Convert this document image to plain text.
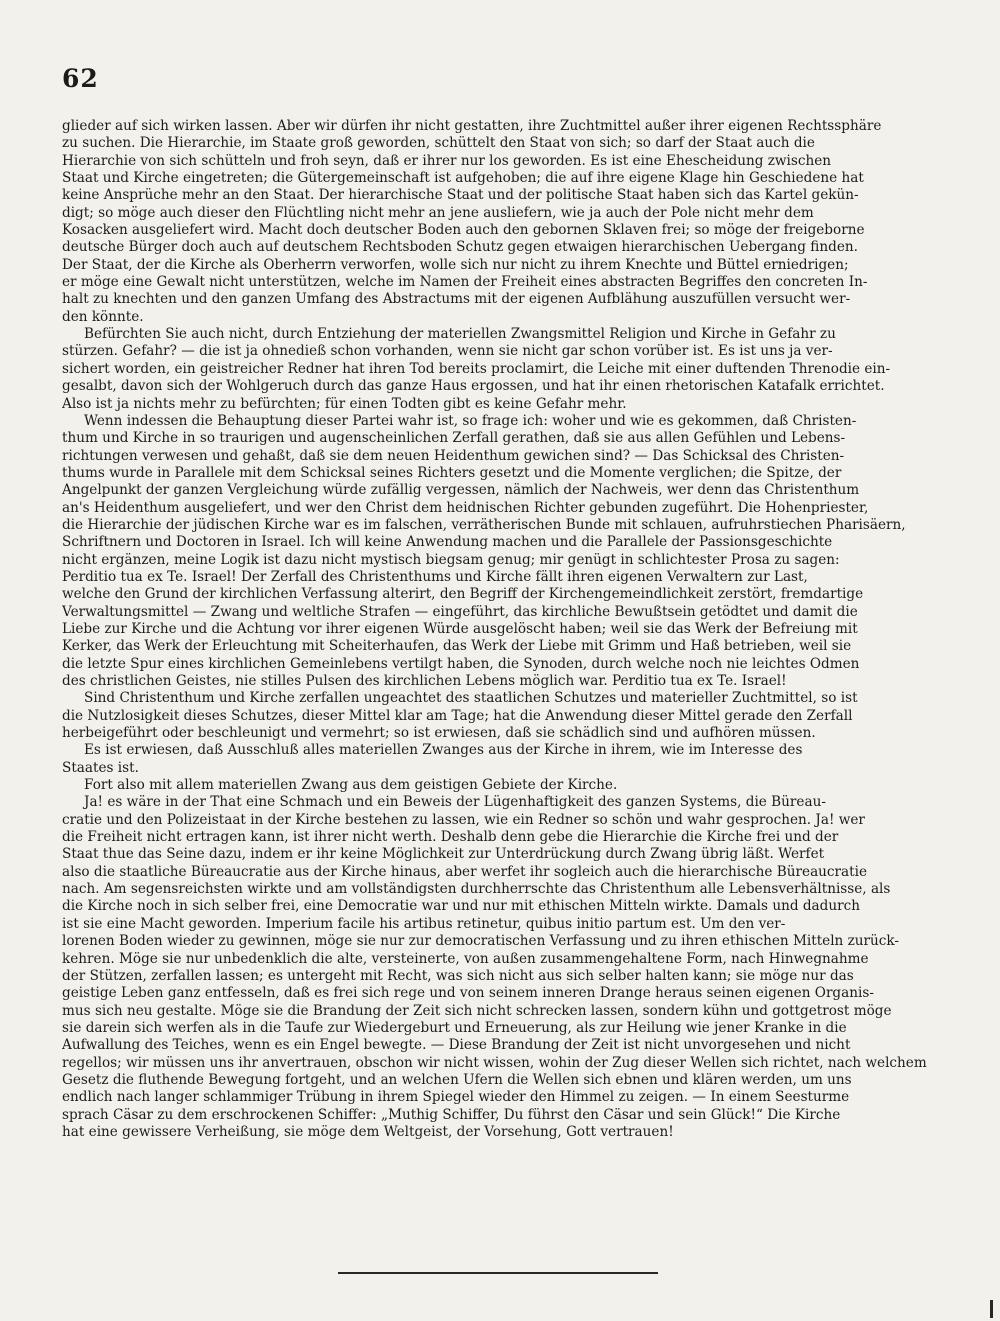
62
glieder auf sich wirken lassen. Aber wir dürfen ihr nicht gestatten, ihre Zuchtmittel außer ihrer eigenen Rechtssphäre
zu suchen. Die Hierarchie, im Staate groß geworden, schüttelt den Staat von sich; so darf der Staat auch die
Hierarchie von sich schütteln und froh seyn, daß er ihrer nur los geworden. Es ist eine Ehescheidung zwischen
Staat und Kirche eingetreten; die Gütergemeinschaft ist aufgehoben; die auf ihre eigene Klage hin Geschiedene hat
keine Ansprüche mehr an den Staat. Der hierarchische Staat und der politische Staat haben sich das Kartel gekün-
digt; so möge auch dieser den Flüchtling nicht mehr an jene ausliefern, wie ja auch der Pole nicht mehr dem
Kosacken ausgeliefert wird. Macht doch deutscher Boden auch den gebornen Sklaven frei; so möge der freigeborne
deutsche Bürger doch auch auf deutschem Rechtsboden Schutz gegen etwaigen hierarchischen Uebergang finden.
Der Staat, der die Kirche als Oberherrn verworfen, wolle sich nur nicht zu ihrem Knechte und Büttel erniedrigen;
er möge eine Gewalt nicht unterstützen, welche im Namen der Freiheit eines abstracten Begriffes den concreten In-
halt zu knechten und den ganzen Umfang des Abstractums mit der eigenen Aufblähung auszufüllen versucht wer-
den könnte.
Befürchten Sie auch nicht, durch Entziehung der materiellen Zwangsmittel Religion und Kirche in Gefahr zu
stürzen. Gefahr? — die ist ja ohnedieß schon vorhanden, wenn sie nicht gar schon vorüber ist. Es ist uns ja ver-
sichert worden, ein geistreicher Redner hat ihren Tod bereits proclamirt, die Leiche mit einer duftenden Threnodie ein-
gesalbt, davon sich der Wohlgeruch durch das ganze Haus ergossen, und hat ihr einen rhetorischen Katafalk errichtet.
Also ist ja nichts mehr zu befürchten; für einen Todten gibt es keine Gefahr mehr.
Wenn indessen die Behauptung dieser Partei wahr ist, so frage ich: woher und wie es gekommen, daß Christen-
thum und Kirche in so traurigen und augenscheinlichen Zerfall gerathen, daß sie aus allen Gefühlen und Lebens-
richtungen verwesen und gehaßt, daß sie dem neuen Heidenthum gewichen sind? — Das Schicksal des Christen-
thums wurde in Parallele mit dem Schicksal seines Richters gesetzt und die Momente verglichen; die Spitze, der
Angelpunkt der ganzen Vergleichung würde zufällig vergessen, nämlich der Nachweis, wer denn das Christenthum
an's Heidenthum ausgeliefert, und wer den Christ dem heidnischen Richter gebunden zugeführt. Die Hohenpriester,
die Hierarchie der jüdischen Kirche war es im falschen, verrätherischen Bunde mit schlauen, aufruhrstiechen Pharisäern,
Schriftnern und Doctoren in Israel. Ich will keine Anwendung machen und die Parallele der Passionsgeschichte
nicht ergänzen, meine Logik ist dazu nicht mystisch biegsam genug; mir genügt in schlichtester Prosa zu sagen:
Perditio tua ex Te. Israel! Der Zerfall des Christenthums und Kirche fällt ihren eigenen Verwaltern zur Last,
welche den Grund der kirchlichen Verfassung alterirt, den Begriff der Kirchengemeindlichkeit zerstört, fremdartige
Verwaltungsmittel — Zwang und weltliche Strafen — eingeführt, das kirchliche Bewußtsein getödtet und damit die
Liebe zur Kirche und die Achtung vor ihrer eigenen Würde ausgelöscht haben; weil sie das Werk der Befreiung mit
Kerker, das Werk der Erleuchtung mit Scheiterhaufen, das Werk der Liebe mit Grimm und Haß betrieben, weil sie
die letzte Spur eines kirchlichen Gemeinlebens vertilgt haben, die Synoden, durch welche noch nie leichtes Odmen
des christlichen Geistes, nie stilles Pulsen des kirchlichen Lebens möglich war. Perditio tua ex Te. Israel!
Sind Christenthum und Kirche zerfallen ungeachtet des staatlichen Schutzes und materieller Zuchtmittel, so ist
die Nutzlosigkeit dieses Schutzes, dieser Mittel klar am Tage; hat die Anwendung dieser Mittel gerade den Zerfall
herbeigeführt oder beschleunigt und vermehrt; so ist erwiesen, daß sie schädlich sind und aufhören müssen.
Es ist erwiesen, daß Ausschluß alles materiellen Zwanges aus der Kirche in ihrem, wie im Interesse des
Staates ist.
Fort also mit allem materiellen Zwang aus dem geistigen Gebiete der Kirche.
Ja! es wäre in der That eine Schmach und ein Beweis der Lügenhaftigkeit des ganzen Systems, die Büreau-
cratie und den Polizeistaat in der Kirche bestehen zu lassen, wie ein Redner so schön und wahr gesprochen. Ja! wer
die Freiheit nicht ertragen kann, ist ihrer nicht werth. Deshalb denn gebe die Hierarchie die Kirche frei und der
Staat thue das Seine dazu, indem er ihr keine Möglichkeit zur Unterdrückung durch Zwang übrig läßt. Werfet
also die staatliche Büreaucratie aus der Kirche hinaus, aber werfet ihr sogleich auch die hierarchische Büreaucratie
nach. Am segensreichsten wirkte und am vollständigsten durchherrschte das Christenthum alle Lebensverhältnisse, als
die Kirche noch in sich selber frei, eine Democratie war und nur mit ethischen Mitteln wirkte. Damals und dadurch
ist sie eine Macht geworden. Imperium facile his artibus retinetur, quibus initio partum est. Um den ver-
lorenen Boden wieder zu gewinnen, möge sie nur zur democratischen Verfassung und zu ihren ethischen Mitteln zurück-
kehren. Möge sie nur unbedenklich die alte, versteinerte, von außen zusammengehaltene Form, nach Hinwegnahme
der Stützen, zerfallen lassen; es untergeht mit Recht, was sich nicht aus sich selber halten kann; sie möge nur das
geistige Leben ganz entfesseln, daß es frei sich rege und von seinem inneren Drange heraus seinen eigenen Organis-
mus sich neu gestalte. Möge sie die Brandung der Zeit sich nicht schrecken lassen, sondern kühn und gottgetrost möge
sie darein sich werfen als in die Taufe zur Wiedergeburt und Erneuerung, als zur Heilung wie jener Kranke in die
Aufwallung des Teiches, wenn es ein Engel bewegte. — Diese Brandung der Zeit ist nicht unvorgesehen und nicht
regellos; wir müssen uns ihr anvertrauen, obschon wir nicht wissen, wohin der Zug dieser Wellen sich richtet, nach welchem
Gesetz die fluthende Bewegung fortgeht, und an welchen Ufern die Wellen sich ebnen und klären werden, um uns
endlich nach langer schlammiger Trübung in ihrem Spiegel wieder den Himmel zu zeigen. — In einem Seesturme
sprach Cäsar zu dem erschrockenen Schiffer: „Muthig Schiffer, Du führst den Cäsar und sein Glück!“ Die Kirche
hat eine gewissere Verheißung, sie möge dem Weltgeist, der Vorsehung, Gott vertrauen!
